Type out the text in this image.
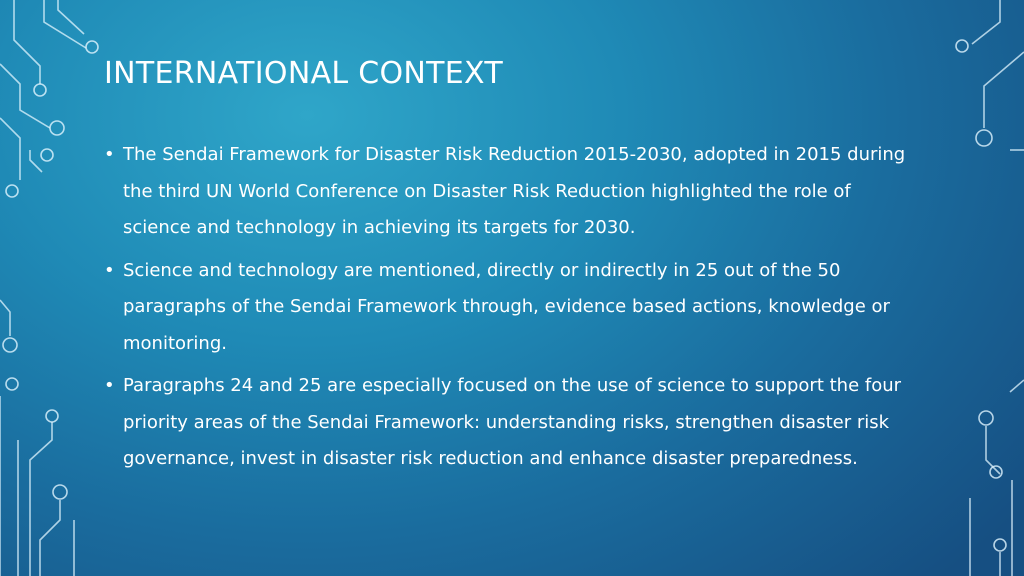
INTERNATIONAL CONTEXT
• The Sendai Framework for Disaster Risk Reduction 2015-2030, adopted in 2015 during the third UN World Conference on Disaster Risk Reduction highlighted the role of science and technology in achieving its targets for 2030.
• Science and technology are mentioned, directly or indirectly in 25 out of the 50 paragraphs of the Sendai Framework through, evidence based actions, knowledge or monitoring.
• Paragraphs 24 and 25 are especially focused on the use of science to support the four priority areas of the Sendai Framework: understanding risks, strengthen disaster risk governance, invest in disaster risk reduction and enhance disaster preparedness.
